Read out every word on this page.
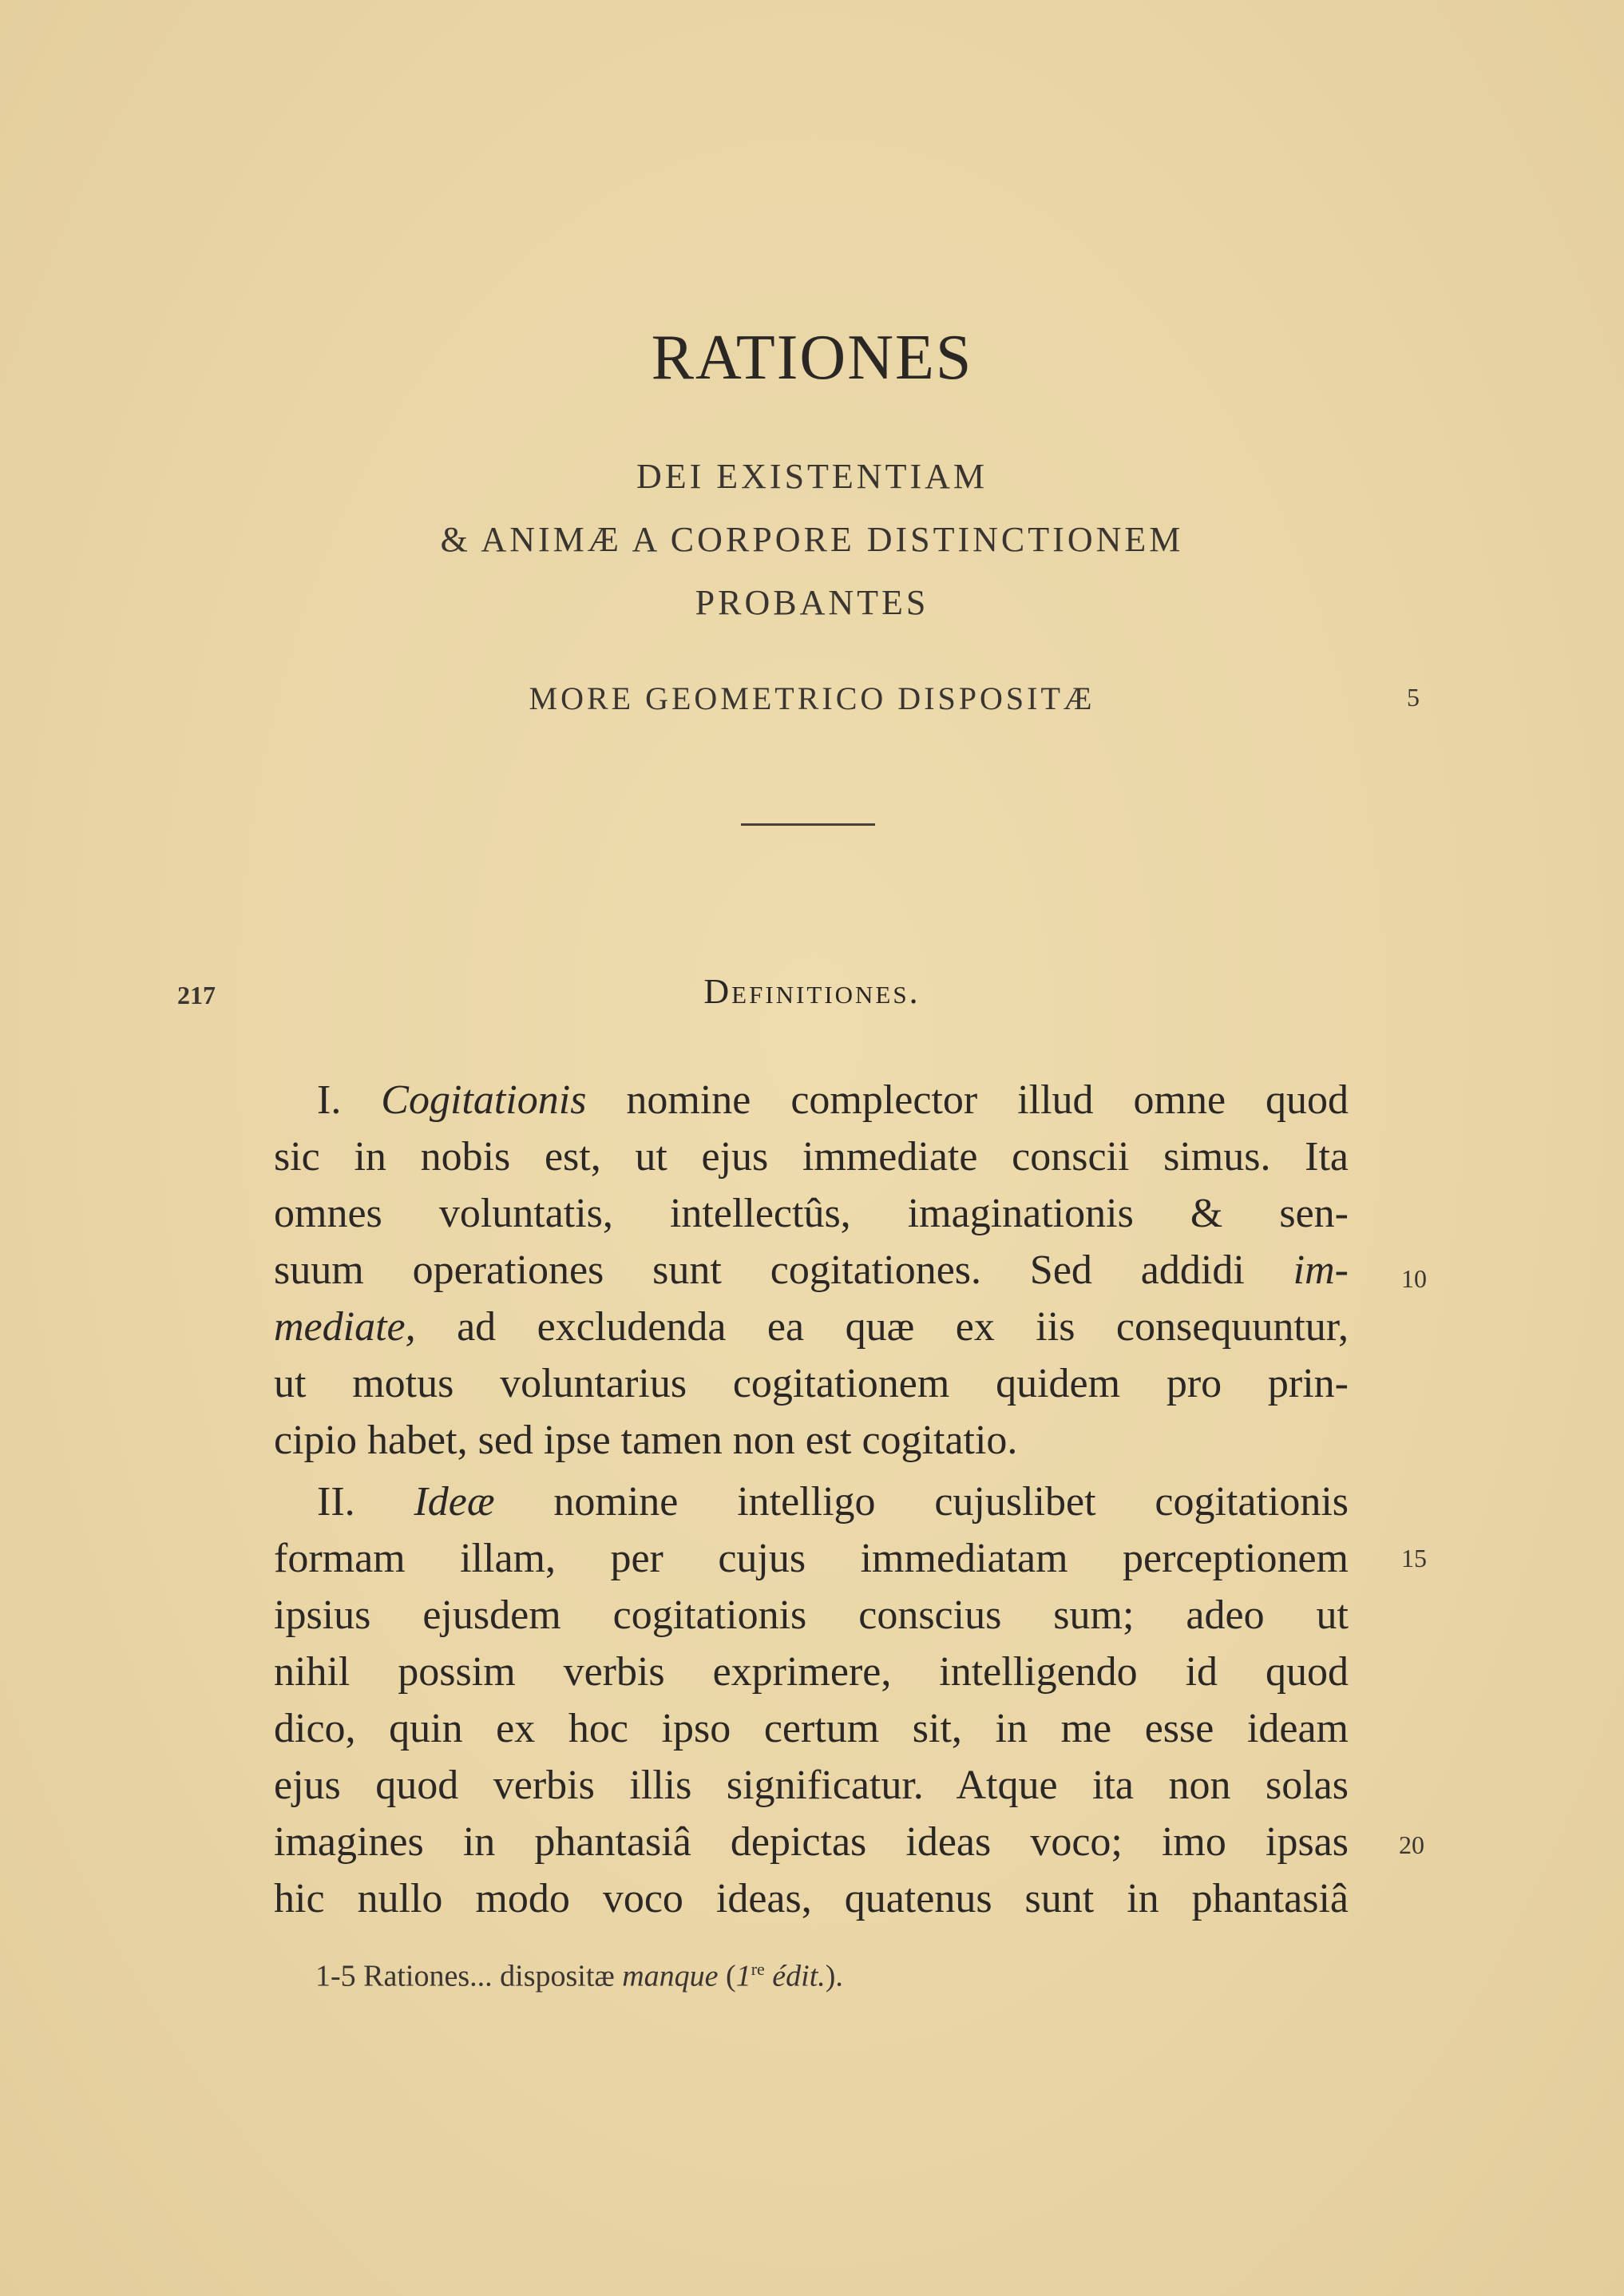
RATIONES
DEI EXISTENTIAM
& ANIMÆ A CORPORE DISTINCTIONEM
PROBANTES
MORE GEOMETRICO DISPOSITÆ	5
217	Definitiones.
I. Cogitationis nomine complector illud omne quod
sic in nobis est, ut ejus immediate conscii simus. Ita
omnes voluntatis, intellectûs, imaginationis & sen-
suum operationes sunt cogitationes. Sed addidi im-
mediate, ad excludenda ea quæ ex iis consequuntur,
ut motus voluntarius cogitationem quidem pro prin-
cipio habet, sed ipse tamen non est cogitatio.
10
II. Ideæ nomine intelligo cujuslibet cogitationis
formam illam, per cujus immediatam perceptionem
ipsius ejusdem cogitationis conscius sum; adeo ut
nihil possim verbis exprimere, intelligendo id quod
dico, quin ex hoc ipso certum sit, in me esse ideam
ejus quod verbis illis significatur. Atque ita non solas
imagines in phantasiâ depictas ideas voco; imo ipsas
hic nullo modo voco ideas, quatenus sunt in phantasiâ
15
20
1-5 Rationes... dispositæ manque (1re édit.).
